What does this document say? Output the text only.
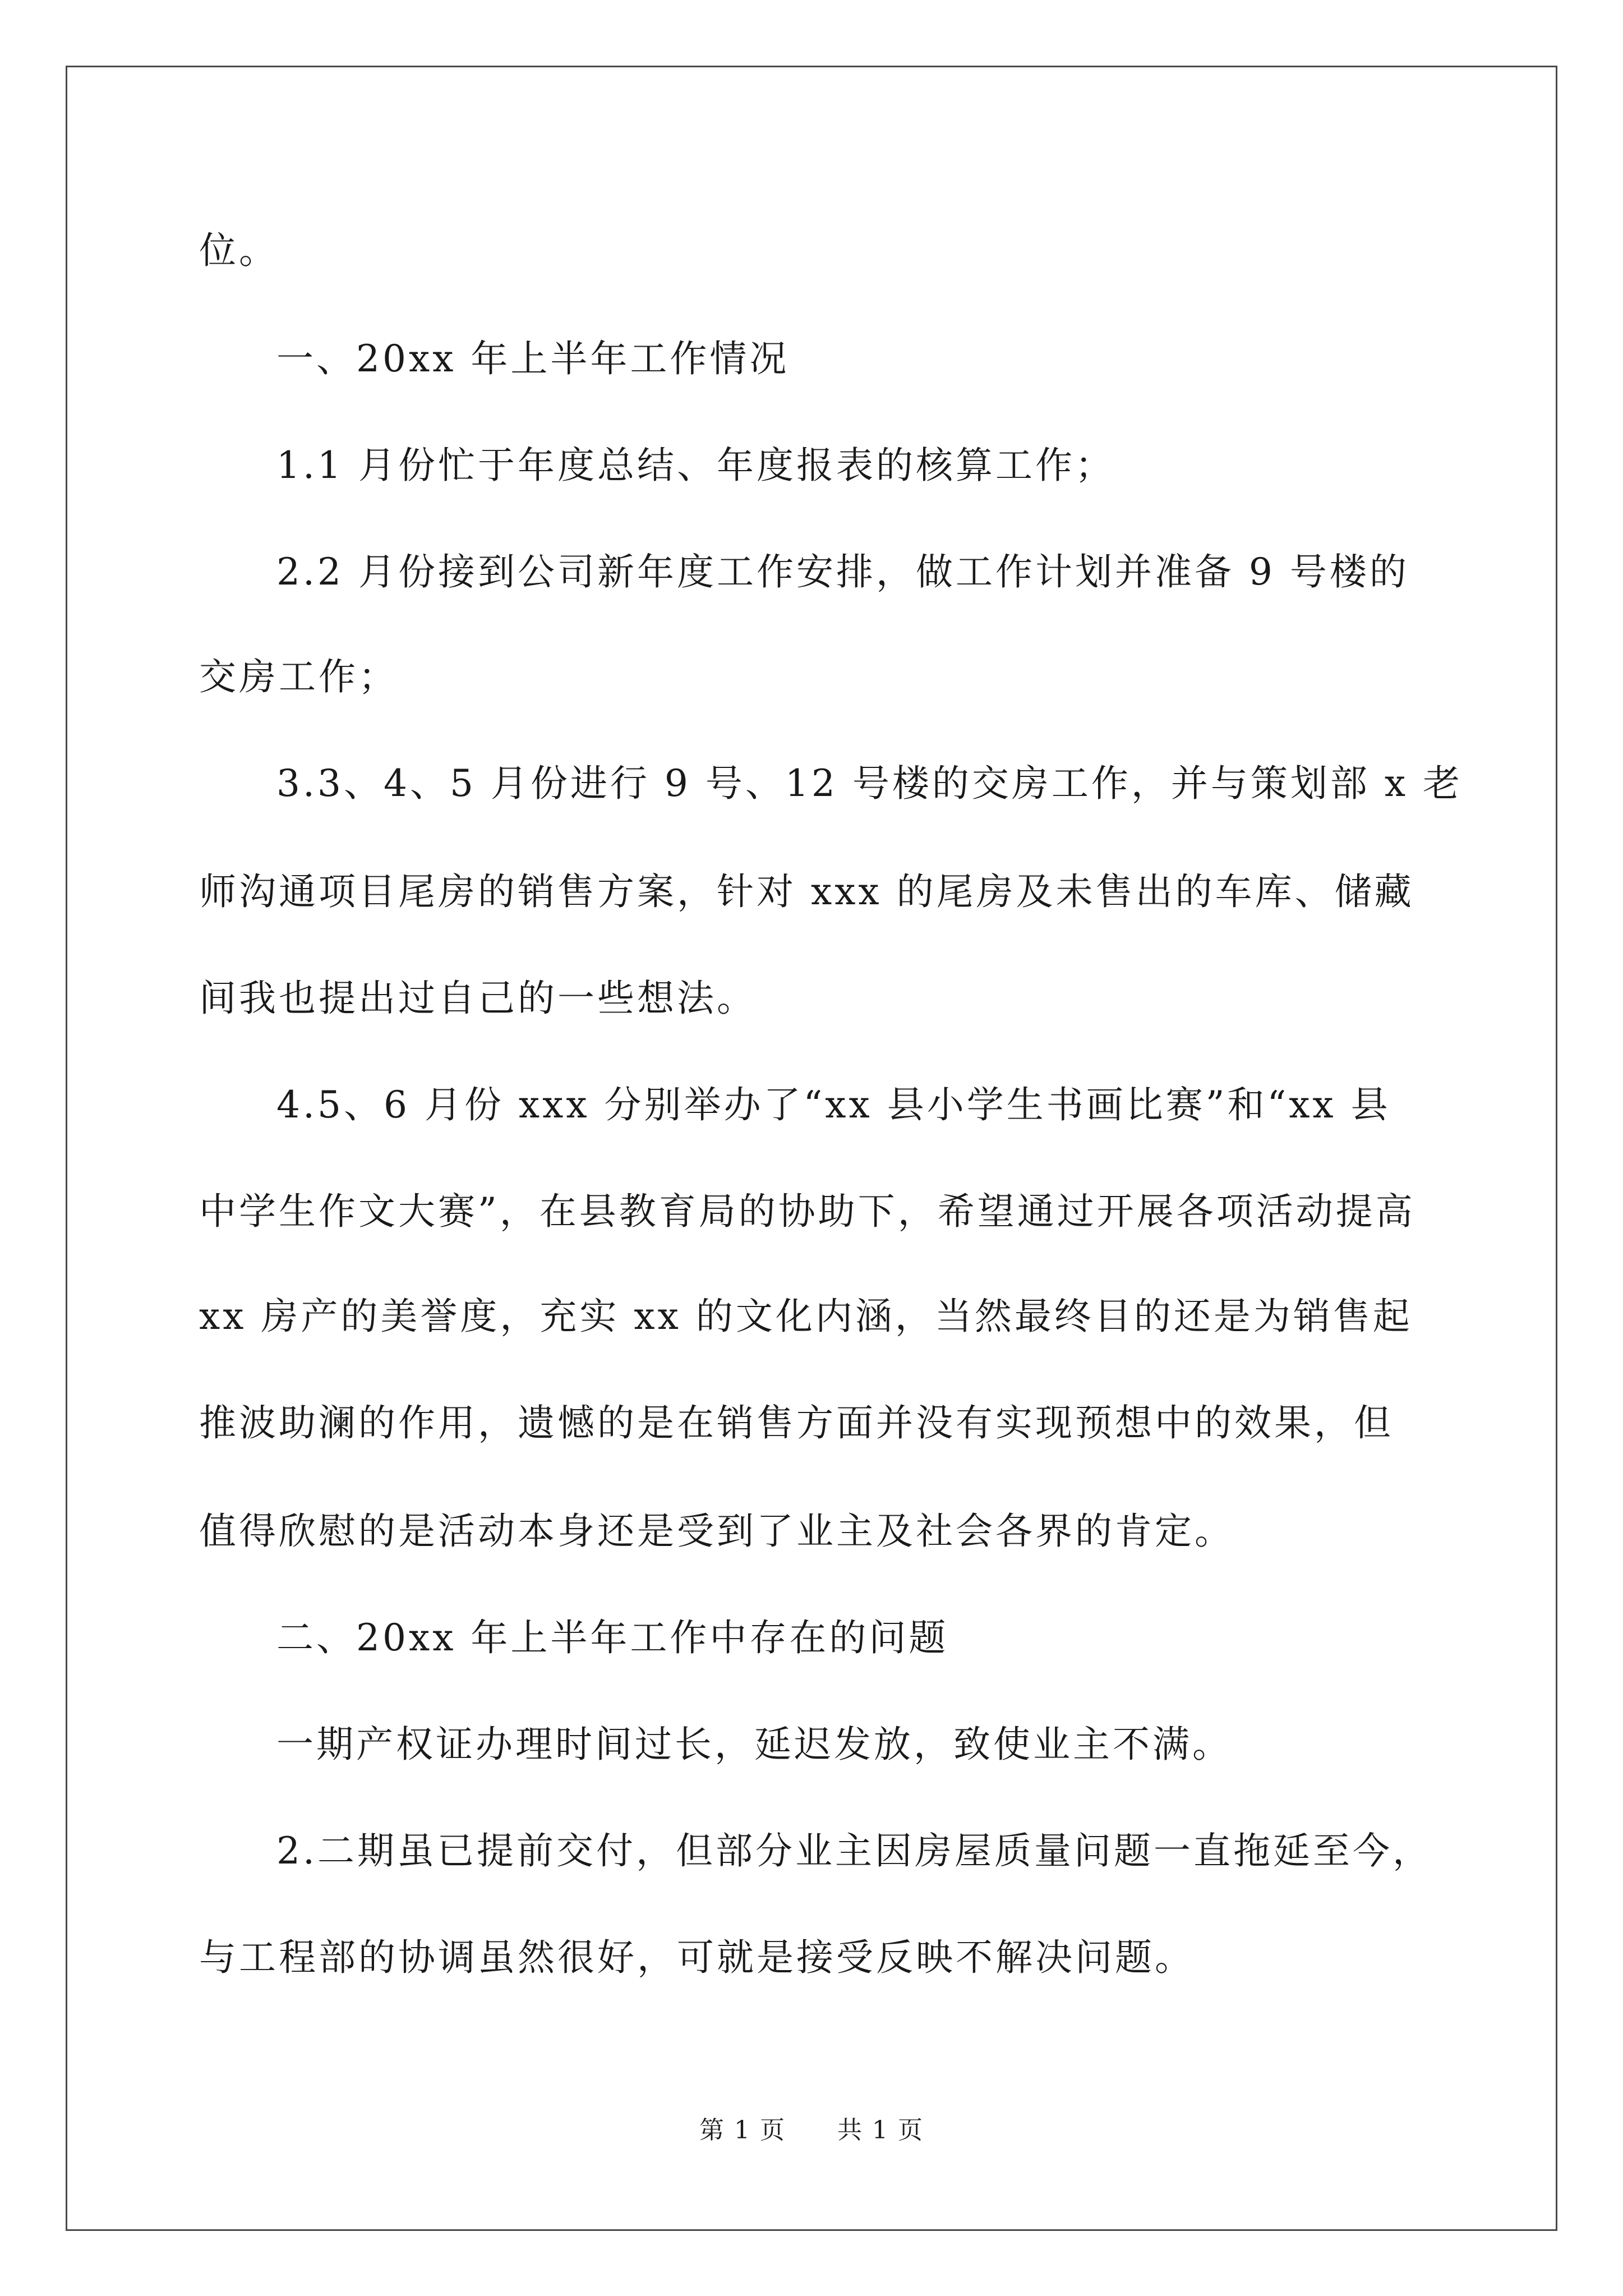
位。
一、20xx 年上半年工作情况
1.1 月份忙于年度总结、年度报表的核算工作；
2.2 月份接到公司新年度工作安排，做工作计划并准备 9 号楼的
交房工作；
3.3、4、5 月份进行 9 号、12 号楼的交房工作，并与策划部 x 老
师沟通项目尾房的销售方案，针对 xxx 的尾房及未售出的车库、储藏
间我也提出过自己的一些想法。
4.5、6 月份 xxx 分别举办了“xx 县小学生书画比赛”和“xx 县
中学生作文大赛”，在县教育局的协助下，希望通过开展各项活动提高
xx 房产的美誉度，充实 xx 的文化内涵，当然最终目的还是为销售起
推波助澜的作用，遗憾的是在销售方面并没有实现预想中的效果，但
值得欣慰的是活动本身还是受到了业主及社会各界的肯定。
二、20xx 年上半年工作中存在的问题
一期产权证办理时间过长，延迟发放，致使业主不满。
2.二期虽已提前交付，但部分业主因房屋质量问题一直拖延至今，
与工程部的协调虽然很好，可就是接受反映不解决问题。
第 1 页 共 1 页
